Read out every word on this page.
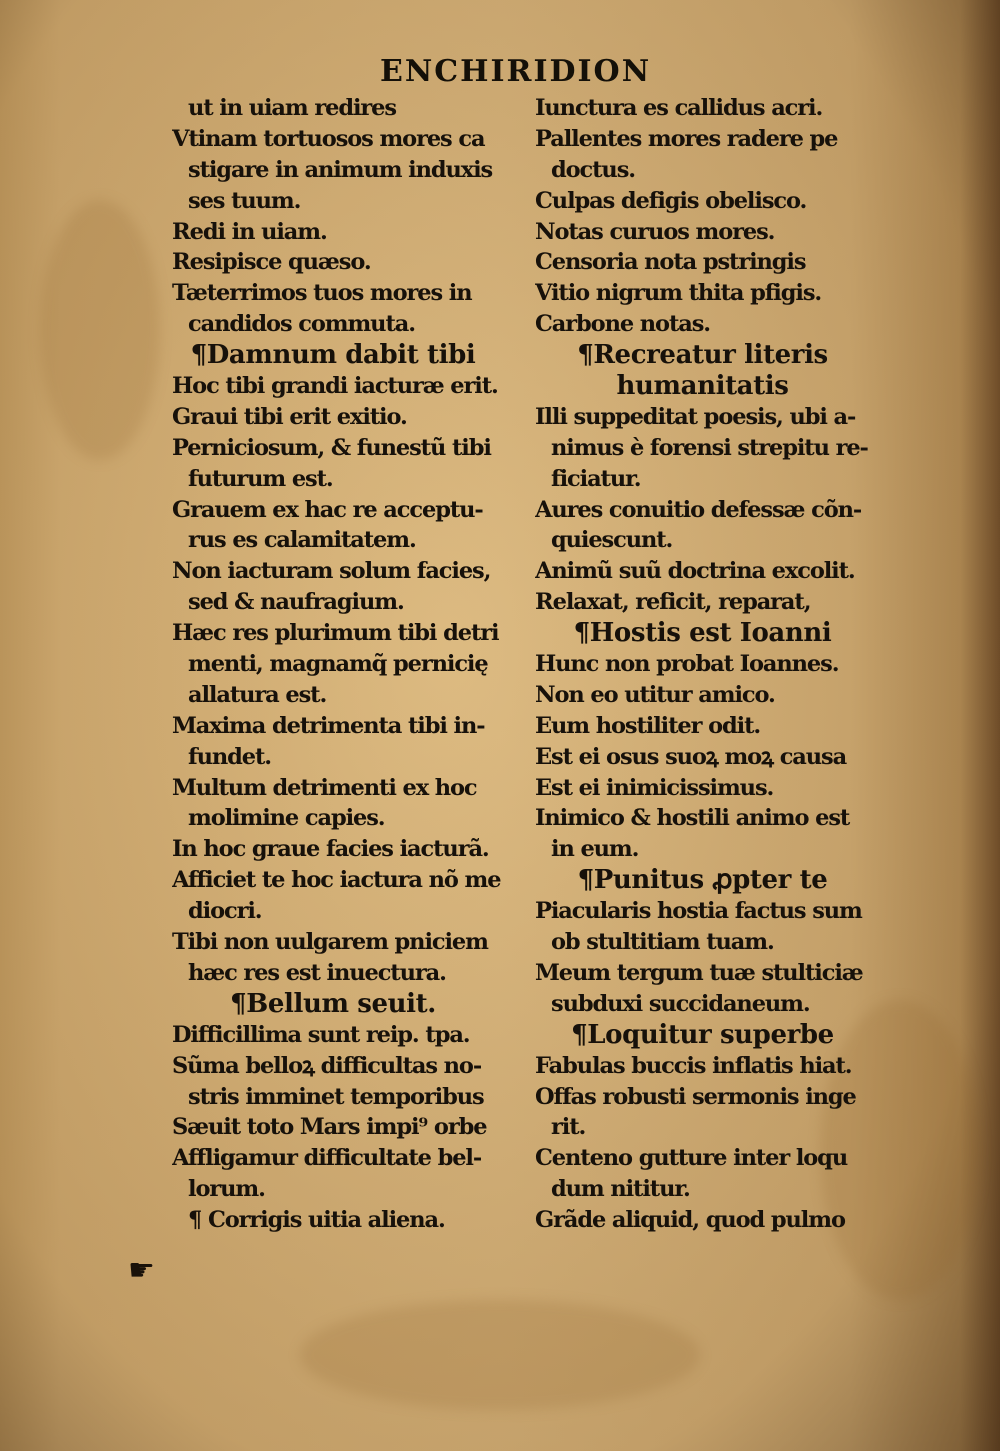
ENCHIRIDION
ut in uiam redires
Vtinam tortuosos mores ca
stigare in animum induxis
ses tuum.
Redi in uiam.
Resipisce quæso.
Tæterrimos tuos mores in
candidos commuta.
¶Damnum dabit tibi
Hoc tibi grandi iacturæ erit.
Graui tibi erit exitio.
Perniciosum, & funestũ tibi
futurum est.
Grauem ex hac re acceptu-
rus es calamitatem.
Non iacturam solum facies,
sed & naufragium.
Hæc res plurimum tibi detri
menti, magnamq̃ pernicię
allatura est.
Maxima detrimenta tibi in-
fundet.
Multum detrimenti ex hoc
molimine capies.
In hoc graue facies iacturã.
Afficiet te hoc iactura nõ me
diocri.
Tibi non uulgarem pniciem
hæc res est inuectura.
¶Bellum seuit.
Difficillima sunt reip. tpa.
Sũma belloꝝ difficultas no-
stris imminet temporibus
Sæuit toto Mars impi⁹ orbe
Affligamur difficultate bel-
lorum.
¶ Corrigis uitia aliena.
Iunctura es callidus acri.
Pallentes mores radere pe
doctus.
Culpas defigis obelisco.
Notas curuos mores.
Censoria nota pstringis
Vitio nigrum thita pfigis.
Carbone notas.
¶Recreatur literis
humanitatis
Illi suppeditat poesis, ubi a-
nimus è forensi strepitu re-
ficiatur.
Aures conuitio defessæ cõn-
quiescunt.
Animũ suũ doctrina excolit.
Relaxat, reficit, reparat,
¶Hostis est Ioanni
Hunc non probat Ioannes.
Non eo utitur amico.
Eum hostiliter odit.
Est ei osus suoꝝ moꝝ causa
Est ei inimicissimus.
Inimico & hostili animo est
in eum.
¶Punitus ꝓpter te
Piacularis hostia factus sum
ob stultitiam tuam.
Meum tergum tuæ stulticiæ
subduxi succidaneum.
¶Loquitur superbe
Fabulas buccis inflatis hiat.
Offas robusti sermonis inge
rit.
Centeno gutture inter loqu
dum nititur.
Grãde aliquid, quod pulmo
☛
